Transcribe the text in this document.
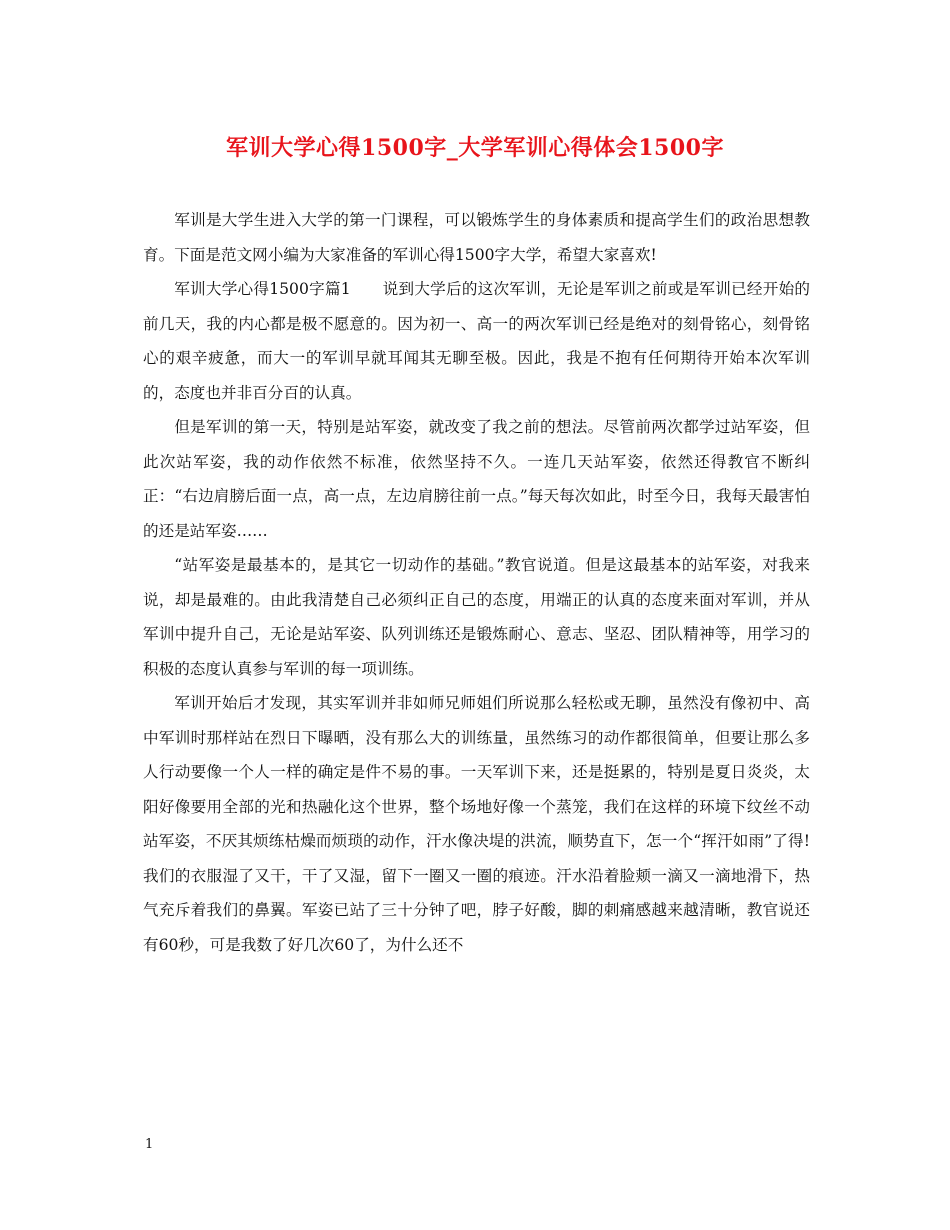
军训大学心得1500字_大学军训心得体会1500字

军训是大学生进入大学的第一门课程，可以锻炼学生的身体素质和提高学生们的政治思想教育。下面是范文网小编为大家准备的军训心得1500字大学，希望大家喜欢!

军训大学心得1500字篇1　　说到大学后的这次军训，无论是军训之前或是军训已经开始的前几天，我的内心都是极不愿意的。因为初一、高一的两次军训已经是绝对的刻骨铭心，刻骨铭心的艰辛疲惫，而大一的军训早就耳闻其无聊至极。因此，我是不抱有任何期待开始本次军训的，态度也并非百分百的认真。

但是军训的第一天，特别是站军姿，就改变了我之前的想法。尽管前两次都学过站军姿，但此次站军姿，我的动作依然不标准，依然坚持不久。一连几天站军姿，依然还得教官不断纠正：“右边肩膀后面一点，高一点，左边肩膀往前一点。”每天每次如此，时至今日，我每天最害怕的还是站军姿……

“站军姿是最基本的，是其它一切动作的基础。”教官说道。但是这最基本的站军姿，对我来说，却是最难的。由此我清楚自己必须纠正自己的态度，用端正的认真的态度来面对军训，并从军训中提升自己，无论是站军姿、队列训练还是锻炼耐心、意志、坚忍、团队精神等，用学习的积极的态度认真参与军训的每一项训练。

军训开始后才发现，其实军训并非如师兄师姐们所说那么轻松或无聊，虽然没有像初中、高中军训时那样站在烈日下曝晒，没有那么大的训练量，虽然练习的动作都很简单，但要让那么多人行动要像一个人一样的确定是件不易的事。一天军训下来，还是挺累的，特别是夏日炎炎，太阳好像要用全部的光和热融化这个世界，整个场地好像一个蒸笼，我们在这样的环境下纹丝不动站军姿，不厌其烦练枯燥而烦琐的动作，汗水像决堤的洪流，顺势直下，怎一个“挥汗如雨”了得!我们的衣服湿了又干，干了又湿，留下一圈又一圈的痕迹。汗水沿着脸颊一滴又一滴地滑下，热气充斥着我们的鼻翼。军姿已站了三十分钟了吧，脖子好酸，脚的刺痛感越来越清晰，教官说还有60秒，可是我数了好几次60了，为什么还不

1
